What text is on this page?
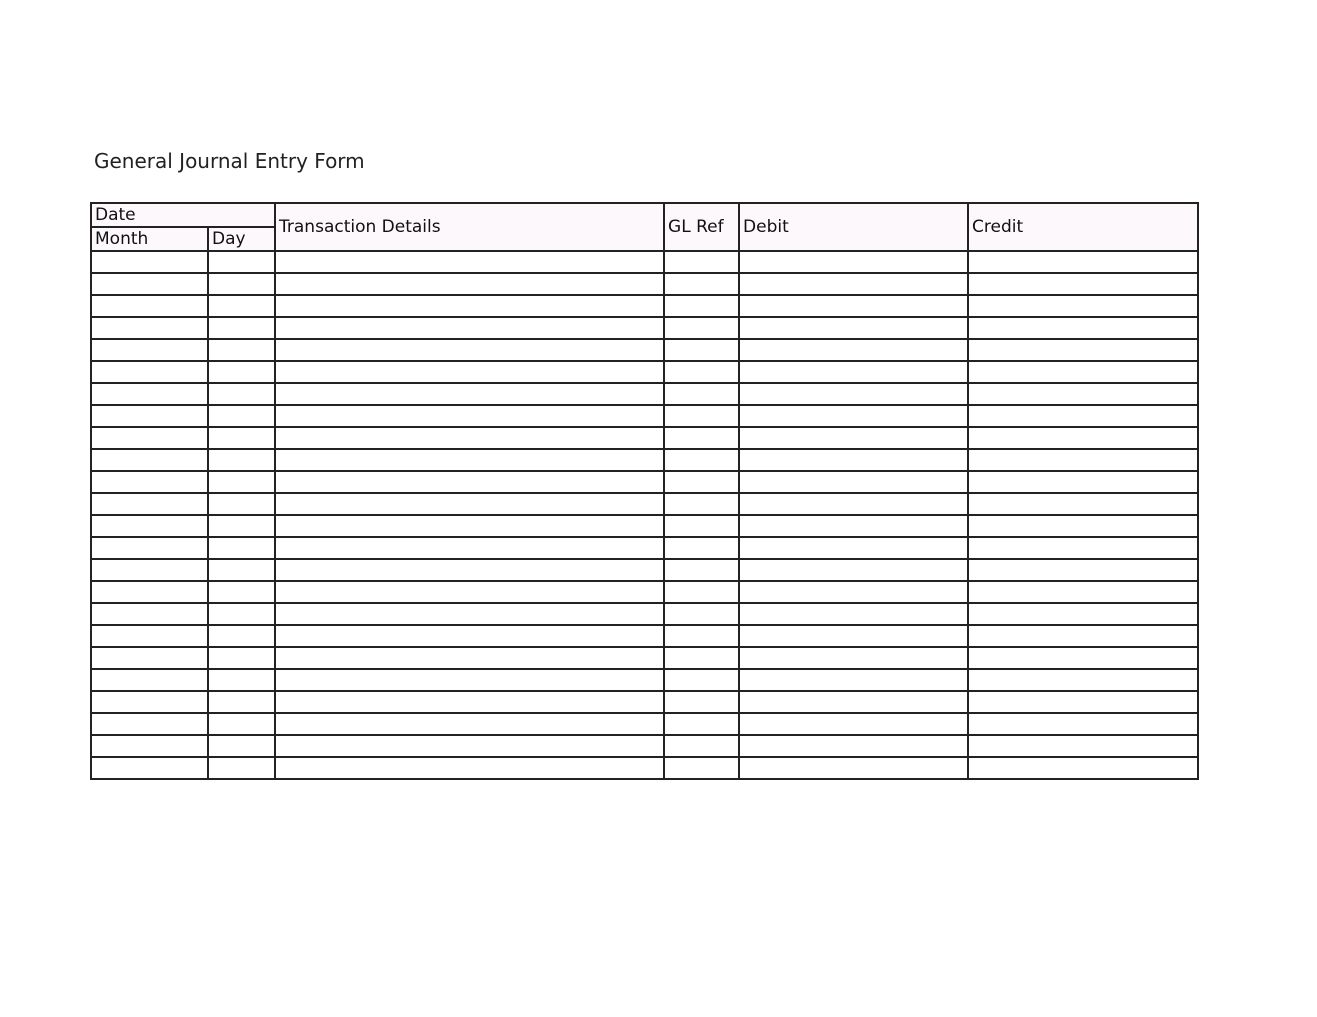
General Journal Entry Form
Date		Transaction Details	GL Ref	Debit	Credit
Month	Day				
